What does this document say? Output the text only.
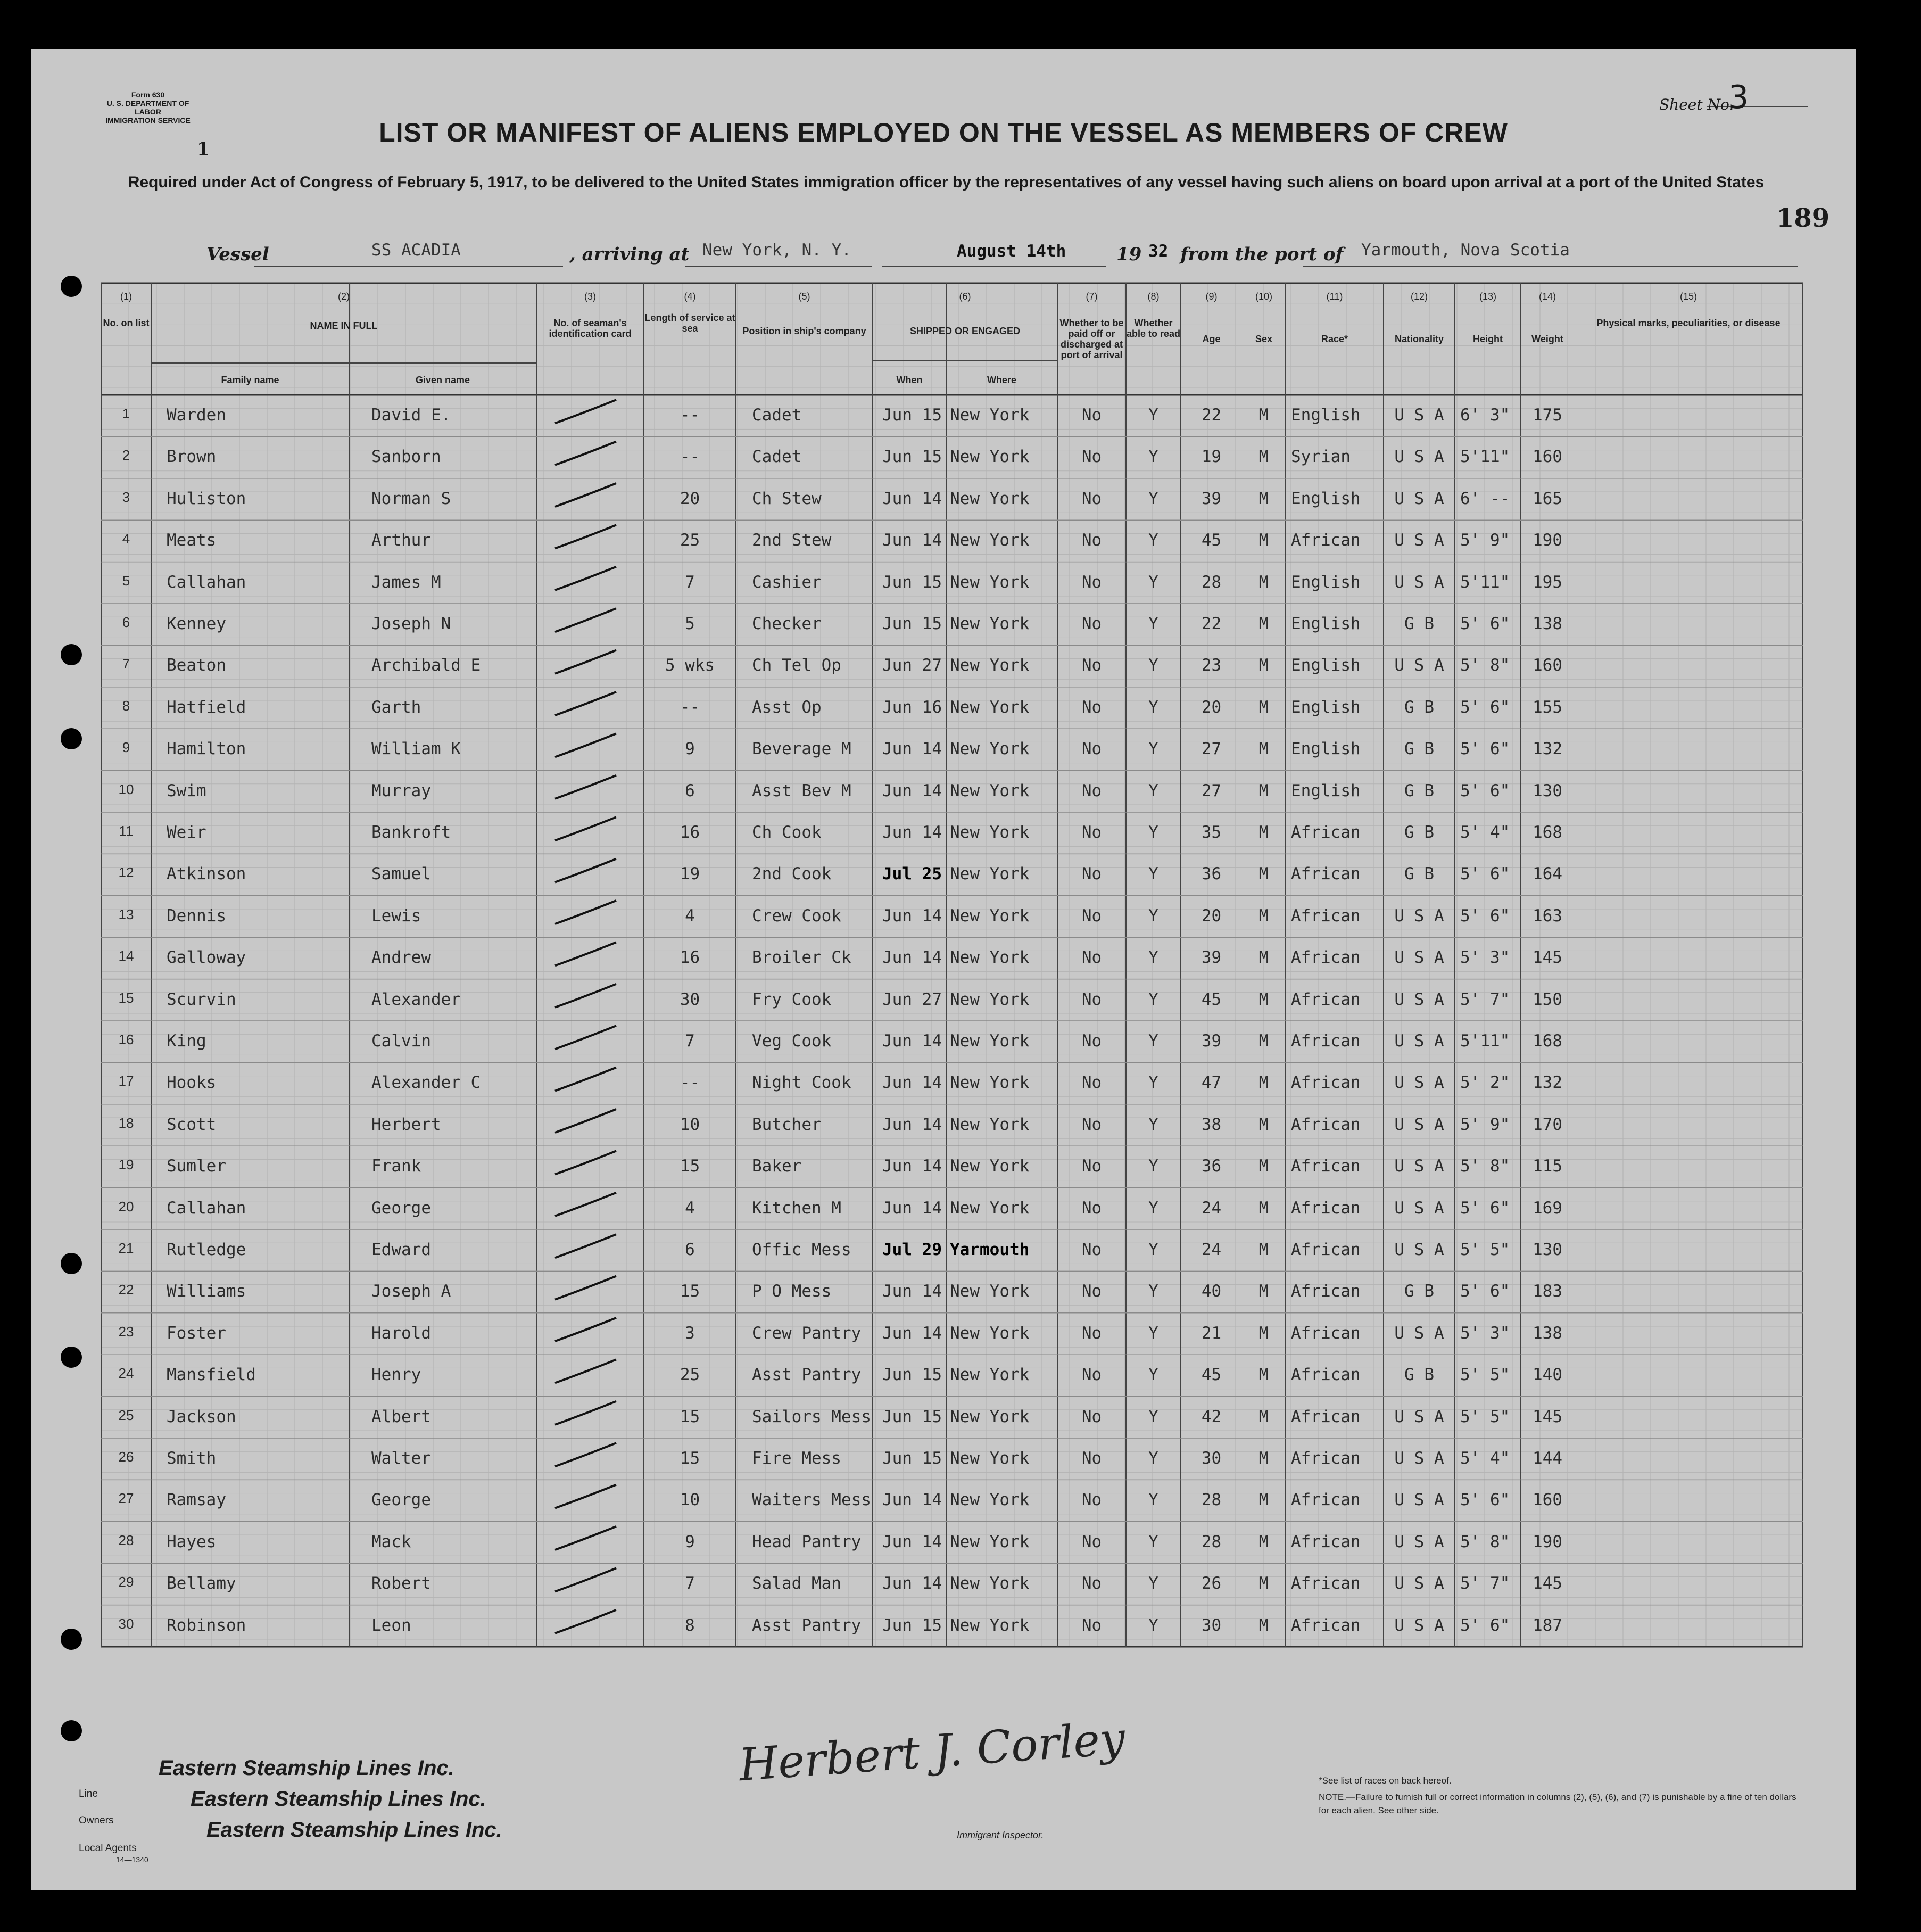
Form 630
U. S. DEPARTMENT OF LABOR
IMMIGRATION SERVICE
1
Sheet No.
3
189
LIST OR MANIFEST OF ALIENS EMPLOYED ON THE VESSEL AS MEMBERS OF CREW
Required under Act of Congress of February 5, 1917, to be delivered to the United States immigration officer by the representatives of any vessel having such aliens on board upon arrival at a port of the United States
Vessel	SS ACADIA	, arriving at New York, N. Y.	August 14th	19 32 from the port of Yarmouth, Nova Scotia
(1)	(2)	(3)	(4)	(5)	(6)	(7)	(8)	(9)	(10)	(11)	(12)	(13)	(14)	(15)
No. on list	NAME IN FULL
Family name	Given name
No. of seaman's identification card
Length of service at sea	Position in ship's company	SHIPPED OR ENGAGED
When	Where
Whether to be paid off or discharged at port of arrival
Whether able to read	Age	Sex	Race*	Nationality	Height	Weight
Physical marks, peculiarities, or disease
1	Warden	David E.	--	Cadet	Jun 15 New York	No	Y	22	M	English	U S A 6' 3"	175
2	Brown	Sanborn	--	Cadet	Jun 15 New York	No	Y	19	M	Syrian	U S A 5'11"	160
3	Huliston	Norman S	20	Ch Stew	Jun 14 New York	No	Y	39	M	English	U S A 6' --	165
4	Meats	Arthur	25	2nd Stew	Jun 14 New York	No	Y	45	M	African	U S A 5' 9"	190
5	Callahan	James M	7	Cashier	Jun 15 New York	No	Y	28	M	English	U S A 5'11"	195
6	Kenney	Joseph N	5	Checker	Jun 15 New York	No	Y	22	M	English	G B	5' 6"	138
7	Beaton	Archibald E	5 wks	Ch Tel Op	Jun 27 New York	No	Y	23	M	English	U S A 5' 8"	160
8	Hatfield	Garth	--	Asst Op	Jun 16 New York	No	Y	20	M	English	G B	5' 6"	155
9	Hamilton	William K	9	Beverage M	Jun 14 New York	No	Y	27	M	English	G B	5' 6"	132
10	Swim	Murray	6	Asst Bev M	Jun 14 New York	No	Y	27	M	English	G B	5' 6"	130
11	Weir	Bankroft	16	Ch Cook	Jun 14 New York	No	Y	35	M	African	G B	5' 4"	168
12	Atkinson	Samuel	19	2nd Cook	Jul 25 New York	No	Y	36	M	African	G B	5' 6"	164
13	Dennis	Lewis	4	Crew Cook	Jun 14 New York	No	Y	20	M	African	U S A 5' 6"	163
14	Galloway	Andrew	16	Broiler Ck	Jun 14 New York	No	Y	39	M	African	U S A 5' 3"	145
15	Scurvin	Alexander	30	Fry Cook	Jun 27 New York	No	Y	45	M	African	U S A 5' 7"	150
16	King	Calvin	7	Veg Cook	Jun 14 New York	No	Y	39	M	African	U S A 5'11"	168
17	Hooks	Alexander C	--	Night Cook	Jun 14 New York	No	Y	47	M	African	U S A 5' 2"	132
18	Scott	Herbert	10	Butcher	Jun 14 New York	No	Y	38	M	African	U S A 5' 9"	170
19	Sumler	Frank	15	Baker	Jun 14 New York	No	Y	36	M	African	U S A 5' 8"	115
20	Callahan	George	4	Kitchen M	Jun 14 New York	No	Y	24	M	African	U S A 5' 6"	169
21	Rutledge	Edward	6	Offic Mess	Jul 29 Yarmouth	No	Y	24	M	African	U S A 5' 5"	130
22	Williams	Joseph A	15	P O Mess	Jun 14 New York	No	Y	40	M	African	G B	5' 6"	183
23	Foster	Harold	3	Crew Pantry	Jun 14 New York	No	Y	21	M	African	U S A 5' 3"	138
24	Mansfield	Henry	25	Asst Pantry	Jun 15 New York	No	Y	45	M	African	G B	5' 5"	140
25	Jackson	Albert	15	Sailors Mess Jun 15 New York	No	Y	42	M	African	U S A 5' 5"	145
26	Smith	Walter	15	Fire Mess	Jun 15 New York	No	Y	30	M	African	U S A 5' 4"	144
27	Ramsay	George	10	Waiters Mess Jun 14 New York	No	Y	28	M	African	U S A 5' 6"	160
28	Hayes	Mack	9	Head Pantry	Jun 14 New York	No	Y	28	M	African	U S A 5' 8"	190
29	Bellamy	Robert	7	Salad Man	Jun 14 New York	No	Y	26	M	African	U S A 5' 7"	145
30	Robinson	Leon	8	Asst Pantry	Jun 15 New York	No	Y	30	M	African	U S A 5' 6"	187
Line
Owners
Local Agents
14—1340
Eastern Steamship Lines Inc.
Eastern Steamship Lines Inc.
Eastern Steamship Lines Inc.
Herbert J. Corley
Immigrant Inspector.
*See list of races on back hereof.
NOTE.—Failure to furnish full or correct information in columns (2), (5), (6), and (7) is punishable by a fine of ten dollars for each alien. See other side.
